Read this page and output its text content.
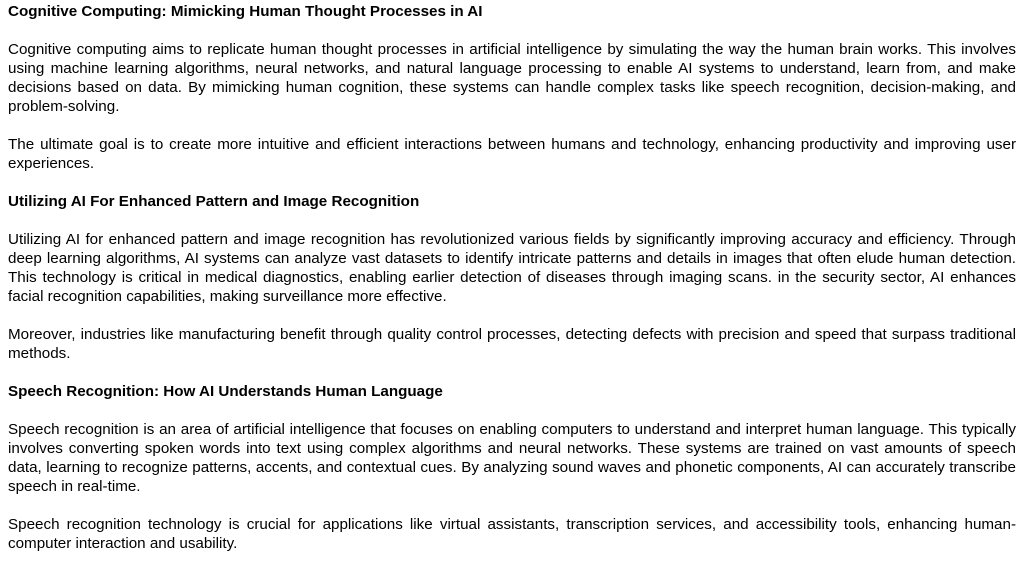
Cognitive Computing: Mimicking Human Thought Processes in AI

Cognitive computing aims to replicate human thought processes in artificial intelligence by simulating the way the human brain works. This involves using machine learning algorithms, neural networks, and natural language processing to enable AI systems to understand, learn from, and make decisions based on data. By mimicking human cognition, these systems can handle complex tasks like speech recognition, decision-making, and problem-solving.

The ultimate goal is to create more intuitive and efficient interactions between humans and technology, enhancing productivity and improving user experiences.

Utilizing AI For Enhanced Pattern and Image Recognition

Utilizing AI for enhanced pattern and image recognition has revolutionized various fields by significantly improving accuracy and efficiency. Through deep learning algorithms, AI systems can analyze vast datasets to identify intricate patterns and details in images that often elude human detection. This technology is critical in medical diagnostics, enabling earlier detection of diseases through imaging scans. in the security sector, AI enhances facial recognition capabilities, making surveillance more effective.

Moreover, industries like manufacturing benefit through quality control processes, detecting defects with precision and speed that surpass traditional methods.

Speech Recognition: How AI Understands Human Language

Speech recognition is an area of artificial intelligence that focuses on enabling computers to understand and interpret human language. This typically involves converting spoken words into text using complex algorithms and neural networks. These systems are trained on vast amounts of speech data, learning to recognize patterns, accents, and contextual cues. By analyzing sound waves and phonetic components, AI can accurately transcribe speech in real-time.

Speech recognition technology is crucial for applications like virtual assistants, transcription services, and accessibility tools, enhancing human-computer interaction and usability.
